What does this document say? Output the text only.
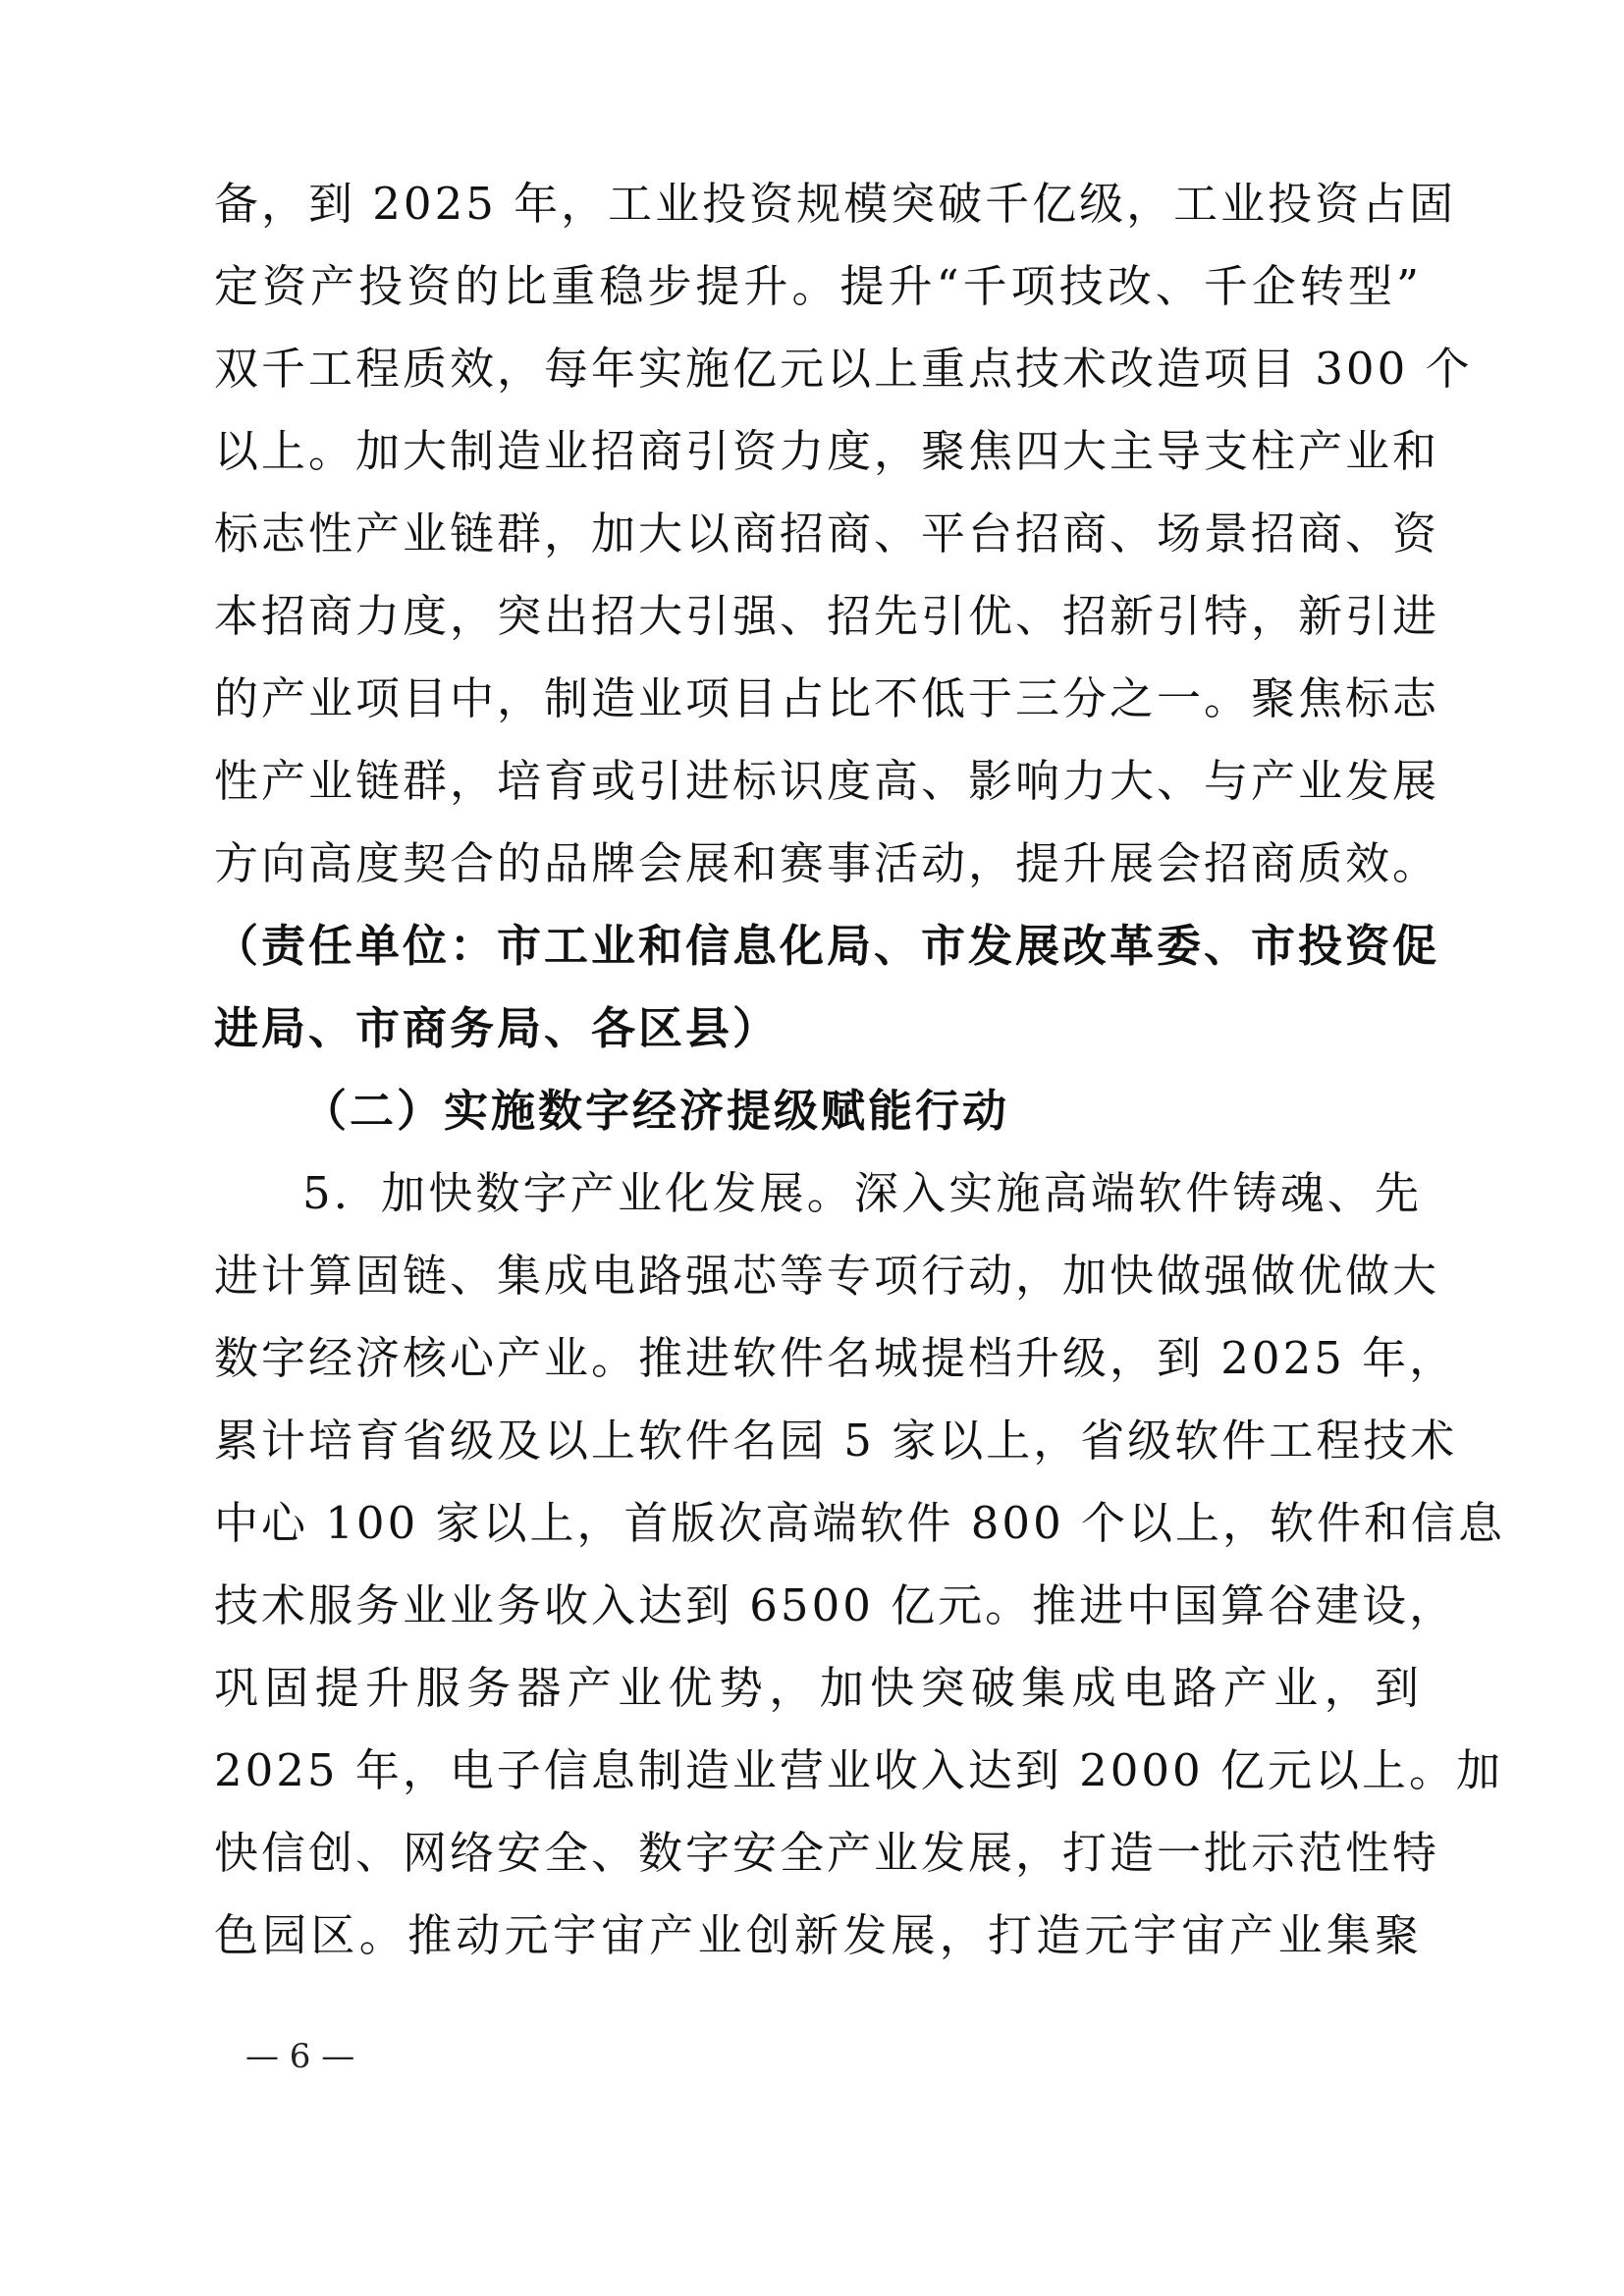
备，到 2025 年，工业投资规模突破千亿级，工业投资占固
定资产投资的比重稳步提升。提升“千项技改、千企转型”
双千工程质效，每年实施亿元以上重点技术改造项目 300 个
以上。加大制造业招商引资力度，聚焦四大主导支柱产业和
标志性产业链群，加大以商招商、平台招商、场景招商、资
本招商力度，突出招大引强、招先引优、招新引特，新引进
的产业项目中，制造业项目占比不低于三分之一。聚焦标志
性产业链群，培育或引进标识度高、影响力大、与产业发展
方向高度契合的品牌会展和赛事活动，提升展会招商质效。
（责任单位：市工业和信息化局、市发展改革委、市投资促
进局、市商务局、各区县）
（二）实施数字经济提级赋能行动
5．加快数字产业化发展。深入实施高端软件铸魂、先
进计算固链、集成电路强芯等专项行动，加快做强做优做大
数字经济核心产业。推进软件名城提档升级，到 2025 年，
累计培育省级及以上软件名园 5 家以上，省级软件工程技术
中心 100 家以上，首版次高端软件 800 个以上，软件和信息
技术服务业业务收入达到 6500 亿元。推进中国算谷建设，
巩固提升服务器产业优势，加快突破集成电路产业，到
2025 年，电子信息制造业营业收入达到 2000 亿元以上。加
快信创、网络安全、数字安全产业发展，打造一批示范性特
色园区。推动元宇宙产业创新发展，打造元宇宙产业集聚
— 6 —
